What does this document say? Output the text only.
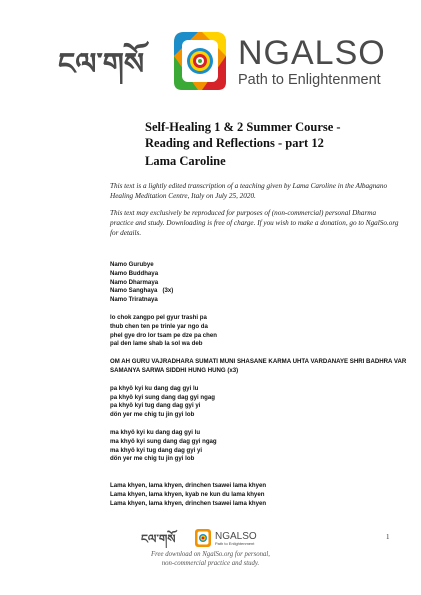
ངལ་གསོ	NGALSO
Path to Enlightenment
Self-Healing 1 & 2 Summer Course -
Reading and Reflections - part 12
Lama Caroline

This text is a lightly edited transcription of a teaching given by Lama Caroline in the Albagnano Healing Meditation Centre, Italy on July 25, 2020.

This text may exclusively be reproduced for purposes of (non-commercial) personal Dharma practice and study. Downloading is free of charge. If you wish to make a donation, go to NgalSo.org for details.

Namo Gurubye
Namo Buddhaya
Namo Dharmaya
Namo Sanghaya   (3x)
Namo Triratnaya
lo chok zangpo pel gyur trashi pa
thub chen ten pe trinle yar ngo da
phel gye dro lor tsam pe dze pa chen
pal den lame shab la sol wa deb
OM AH GURU VAJRADHARA SUMATI MUNI SHASANE KARMA UHTA VARDANAYE SHRI BADHRA VAR SAMANYA SARWA SIDDHI HUNG HUNG (x3)
pa khyö kyi ku dang dag gyi lu
pa khyö kyi sung dang dag gyi ngag
pa khyö kyi tug dang dag gyi yi
dön yer me chig tu jin gyi lob
ma khyö kyi ku dang dag gyi lu
ma khyö kyi sung dang dag gyi ngag
ma khyö kyi tug dang dag gyi yi
dön yer me chig tu jin gyi lob
Lama khyen, lama khyen, drinchen tsawei lama khyen
Lama khyen, lama khyen, kyab ne kun du lama khyen
Lama khyen, lama khyen, drinchen tsawei lama khyen
ངལ་གསོ	NGALSO
Path to Enlightenment
Free download on NgalSo.org for personal,
non-commercial practice and study.
1
